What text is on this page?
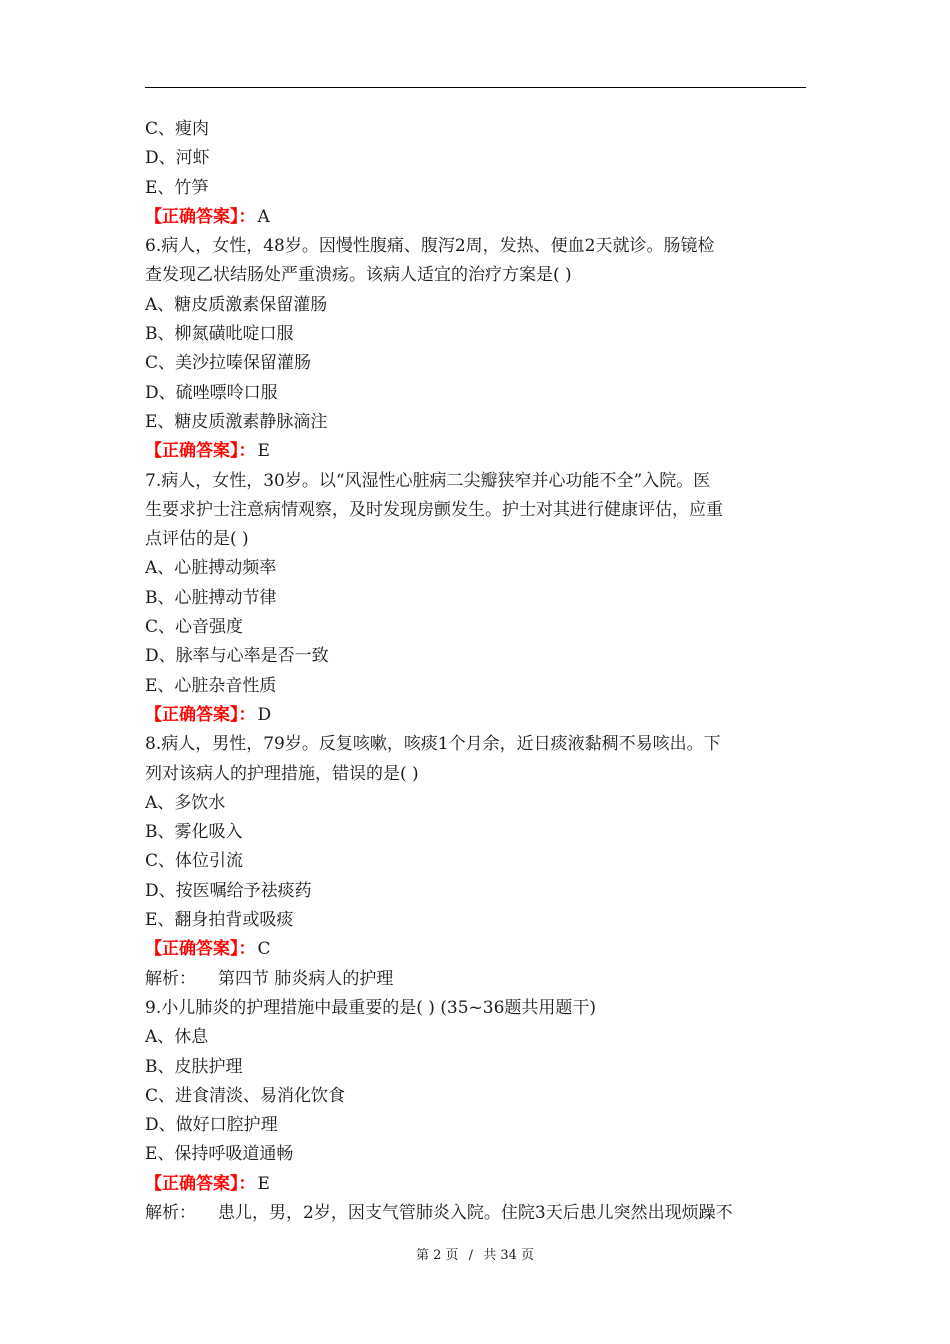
C、瘦肉
D、河虾
E、竹笋
【正确答案】： A
6.病人，女性，48岁。因慢性腹痛、腹泻2周，发热、便血2天就诊。肠镜检
查发现乙状结肠处严重溃疡。该病人适宜的治疗方案是( )
A、糖皮质激素保留灌肠
B、柳氮磺吡啶口服
C、美沙拉嗪保留灌肠
D、硫唑嘌呤口服
E、糖皮质激素静脉滴注
【正确答案】： E
7.病人，女性，30岁。以“风湿性心脏病二尖瓣狭窄并心功能不全”入院。医
生要求护士注意病情观察，及时发现房颤发生。护士对其进行健康评估，应重
点评估的是( )
A、心脏搏动频率
B、心脏搏动节律
C、心音强度
D、脉率与心率是否一致
E、心脏杂音性质
【正确答案】： D
8.病人，男性，79岁。反复咳嗽，咳痰1个月余，近日痰液黏稠不易咳出。下
列对该病人的护理措施，错误的是( )
A、多饮水
B、雾化吸入
C、体位引流
D、按医嘱给予祛痰药
E、翻身拍背或吸痰
【正确答案】： C
解析： 第四节 肺炎病人的护理
9.小儿肺炎的护理措施中最重要的是( ) (35~36题共用题干)
A、休息
B、皮肤护理
C、进食清淡、易消化饮食
D、做好口腔护理
E、保持呼吸道通畅
【正确答案】： E
解析： 患儿，男，2岁，因支气管肺炎入院。住院3天后患儿突然出现烦躁不
第 2 页 / 共 34 页
